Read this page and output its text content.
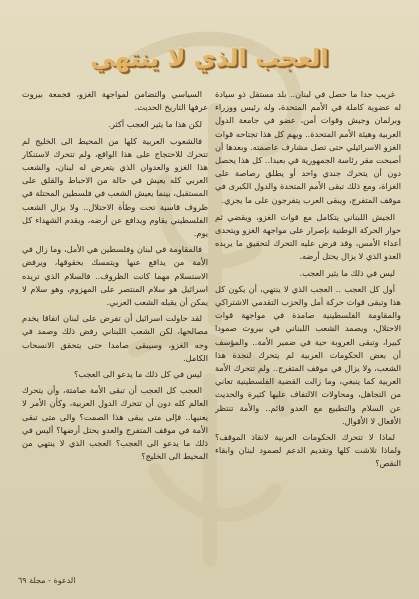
العجب الذي لا ينتهي

غريب جدا ما حصل في لبنان.. بلد مستقل ذو سيادة له عضوية كاملة في الأمم المتحدة، وله رئيس ووزراء وبرلمان وجيش وقوات أمن، عضو في جامعة الدول العربية وهيئة الأمم المتحدة.. ويهم كل هذا تجتاحه قوات الغزو الاسرائيلي حتى تصل مشارف عاصمته. وبعدها أن أصبحت مقر رئاسة الجمهورية في بعبدا.. كل هذا يحصل دون أن يتحرك جندي واحد أو يطلق رصاصة على الغزاة، ومع ذلك تبقى الأمم المتحدة والدول الكبرى في موقف المتفرج، ويبقى العرب يتفرجون على ما يجري.

الجيش اللبناني يتكامل مع قوات الغزو، ويقضي ثم حوار الحركة الوطنية بإصرار على مواجهة الغزو ويتحدى أعداء الأمس، وقد فرض عليه التحرك لتحقيق ما يريده العدو الذي لا يزال يحتل أرضه.

ليس في ذلك ما يثير العجب.

أول كل العجب .. العجب الذي لا ينتهي، أن يكون كل هذا وتبقى قوات حركة أمل والحزب التقدمي الاشتراكي والمقاومة الفلسطينية صامدة في مواجهة قوات الاحتلال، ويصمد الشعب اللبناني في بيروت صمودا كبيرا، وتبقى العروبة حية في ضمير الأمة.. والمؤسف أن بعض الحكومات العربية لم يتحرك لنجدة هذا الشعب، ولا يزال في موقف المتفرج.. ولم تتحرك الأمة العربية كما ينبغي، وما زالت القضية الفلسطينية تعاني من التجاهل، ومحاولات الالتفاف عليها كثيرة والحديث عن السلام والتطبيع مع العدو قائم.. والأمة تنتظر الأفعال لا الأقوال.

لماذا لا تتحرك الحكومات العربية لانقاذ الموقف؟ ولماذا تلاشت كلها وتقديم الدعم لصمود لبنان وابقاء النقص؟

السياسي والتضامن لمواجهة الغزو، فجمعة بيروت عرفها التاريخ الحديث.

لكن هذا ما يثير العجب أكثر.

فالشعوب العربية كلها من المحيط الى الخليج لم تتحرك للاحتجاج على هذا الواقع، ولم تتحرك لاستنكار هذا الغزو والعدوان الذي يتعرض له لبنان، والشعب العربي كله يعيش في حالة من الاحباط والقلق على المستقبل، بينما يعيش الشعب في فلسطين المحتلة في ظروف قاسية تحت وطأة الاحتلال.. ولا يزال الشعب الفلسطيني يقاوم ويدافع عن أرضه، ويقدم الشهداء كل يوم.

فالمقاومة في لبنان وفلسطين هي الأمل، وما زال في الأمة من يدافع عنها ويتمسك بحقوقها، ويرفض الاستسلام مهما كانت الظروف.. فالسلام الذي تريده اسرائيل هو سلام المنتصر على المهزوم، وهو سلام لا يمكن أن يقبله الشعب العربي.

لقد حاولت اسرائيل أن تفرض على لبنان اتفاقا يخدم مصالحها، لكن الشعب اللبناني رفض ذلك وصمد في وجه الغزو، وسيبقى صامدا حتى يتحقق الانسحاب الكامل.

ليس في كل ذلك ما يدعو الى العجب؟

العجب كل العجب أن تبقى الأمة صامتة، وأن يتحرك العالم كله دون أن تتحرك الدول العربية، وكأن الأمر لا يعنيها.. فإلى متى يبقى هذا الصمت؟ والى متى تبقى الأمة في موقف المتفرج والعدو يحتل أرضها؟ أليس في ذلك ما يدعو الى العجب؟ العجب الذي لا ينتهي من المحيط الى الخليج؟

الدعوة - مجلة ٦٩
